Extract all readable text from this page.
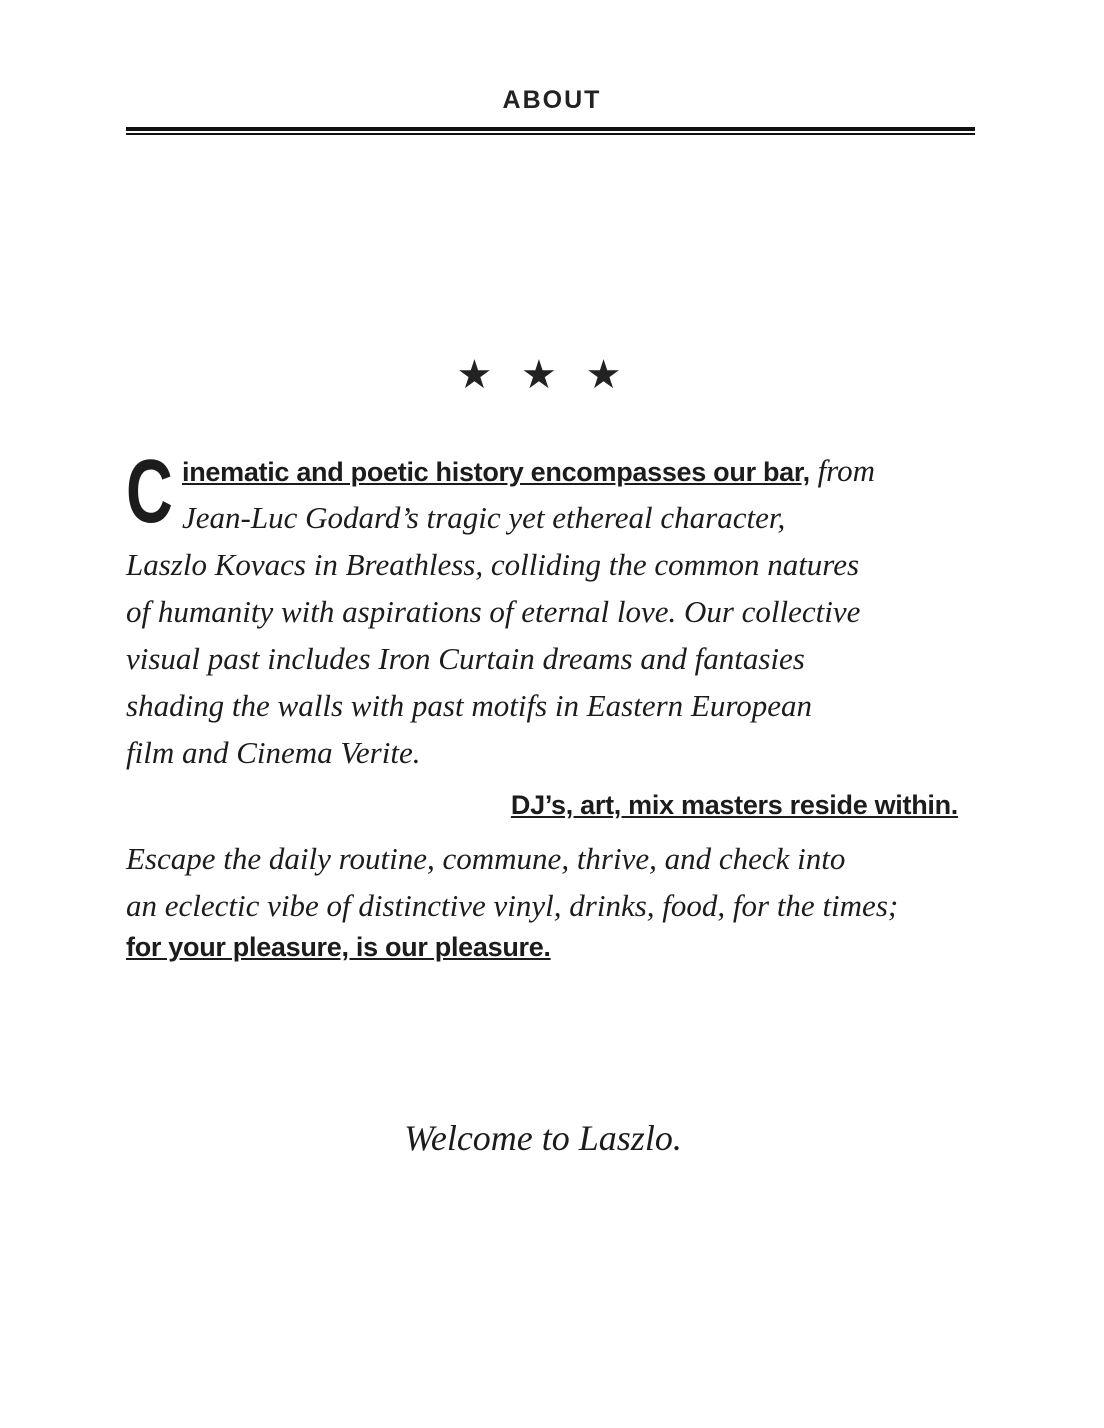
ABOUT
★ ★ ★
C inematic and poetic history encompasses our bar, from
Jean-Luc Godard’s tragic yet ethereal character,
Laszlo Kovacs in Breathless, colliding the common natures
of humanity with aspirations of eternal love. Our collective
visual past includes Iron Curtain dreams and fantasies
shading the walls with past motifs in Eastern European
film and Cinema Verite.
DJ’s, art, mix masters reside within.
Escape the daily routine, commune, thrive, and check into
an eclectic vibe of distinctive vinyl, drinks, food, for the times;
for your pleasure, is our pleasure.
Welcome to Laszlo.
